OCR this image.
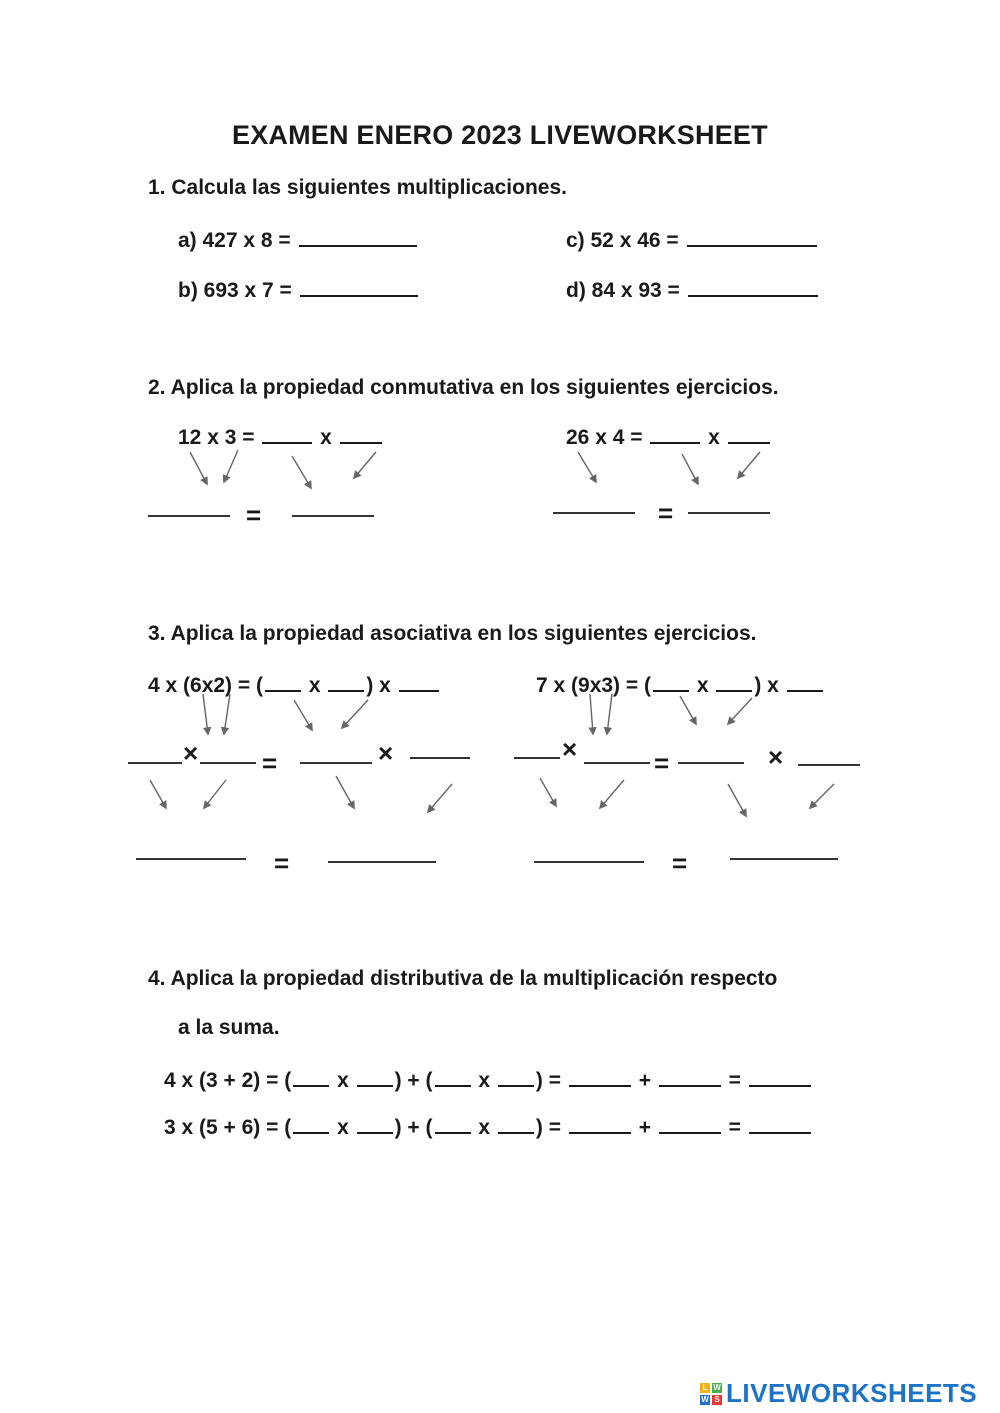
EXAMEN ENERO 2023 LIVEWORKSHEET
1. Calcula las siguientes multiplicaciones.
a) 427 x 8 =
b) 693 x 7 =
c) 52 x 46 =
d) 84 x 93 =
2. Aplica la propiedad conmutativa en los siguientes ejercicios.
12 x 3 =	x	26 x 4 =	x
=	=
3. Aplica la propiedad asociativa en los siguientes ejercicios.
4 x (6x2) = ( x ) x	7 x (9x3) = ( x ) x
× =	×	×	=	×
=	=
4. Aplica la propiedad distributiva de la multiplicación respecto
a la suma.
4 x (3 + 2) = ( x ) + ( x ) =	+	=
3 x (5 + 6) = ( x ) + ( x ) =	+	=
L W
W S LIVEWORKSHEETS
